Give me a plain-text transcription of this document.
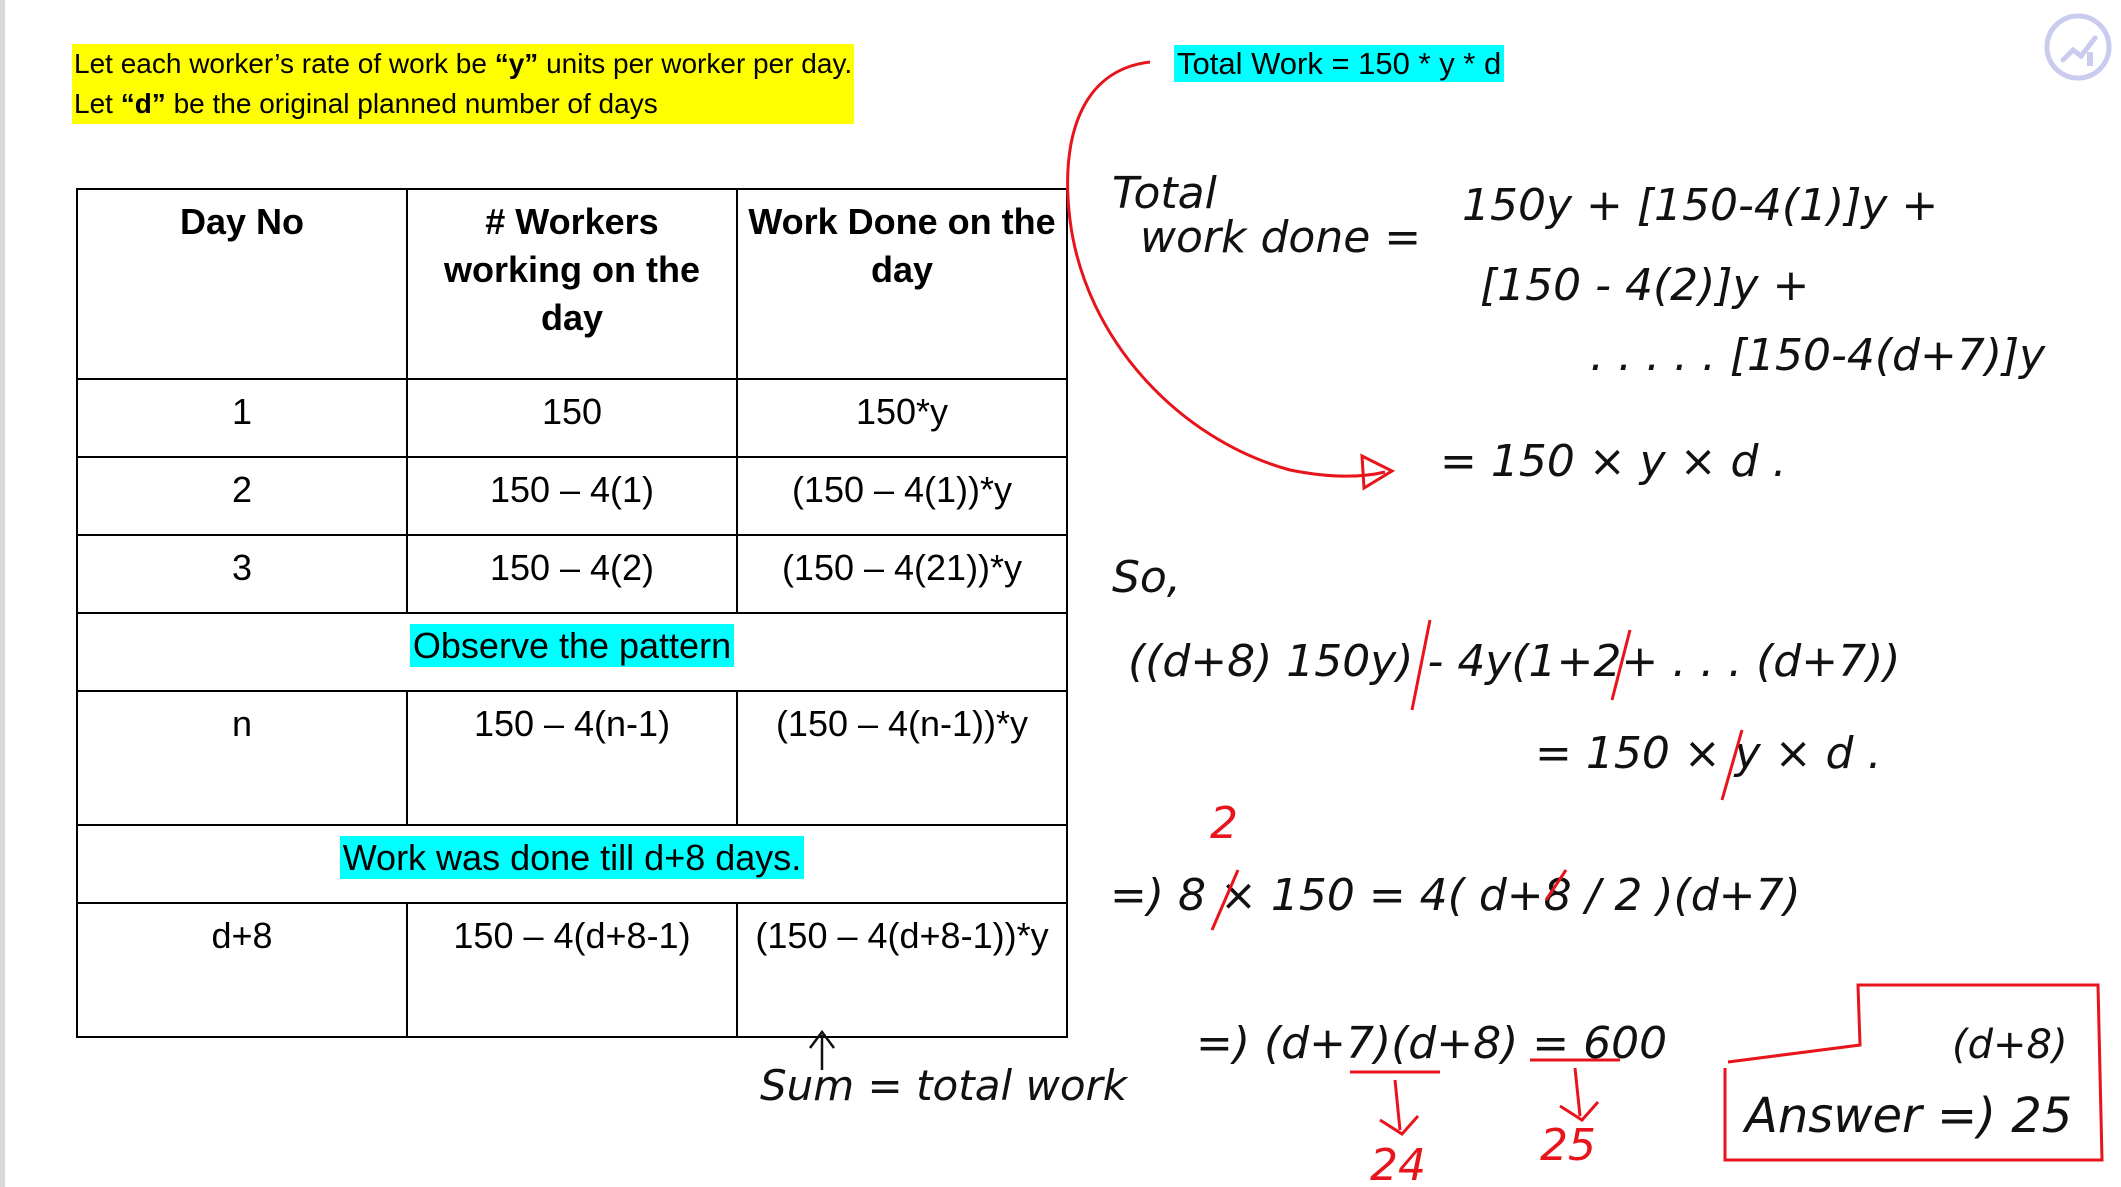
Let each worker’s rate of work be “y” units per worker per day.
Let “d” be the original planned number of days
Total Work = 150 * y * d
Day No	# Workers working on the day	Work Done on the day
1	150	150*y
2	150 – 4(1)	(150 – 4(1))*y
3	150 – 4(2)	(150 – 4(21))*y
Observe the pattern		
n	150 – 4(n-1)	(150 – 4(n-1))*y
Work was done till d+8 days.		
d+8	150 – 4(d+8-1)	(150 – 4(d+8-1))*y
Total
work done =
150y + [150-4(1)]y +
[150 - 4(2)]y +
. . . . . [150-4(d+7)]y
= 150 × y × d .
So,
((d+8) 150y) - 4y(1+2+ . . . (d+7))
= 150 × y × d .
=) 8 × 150 = 4( d+8 / 2 )(d+7)
=) (d+7)(d+8) = 600
Sum = total work
2
24	25
(d+8)
Answer =) 25
